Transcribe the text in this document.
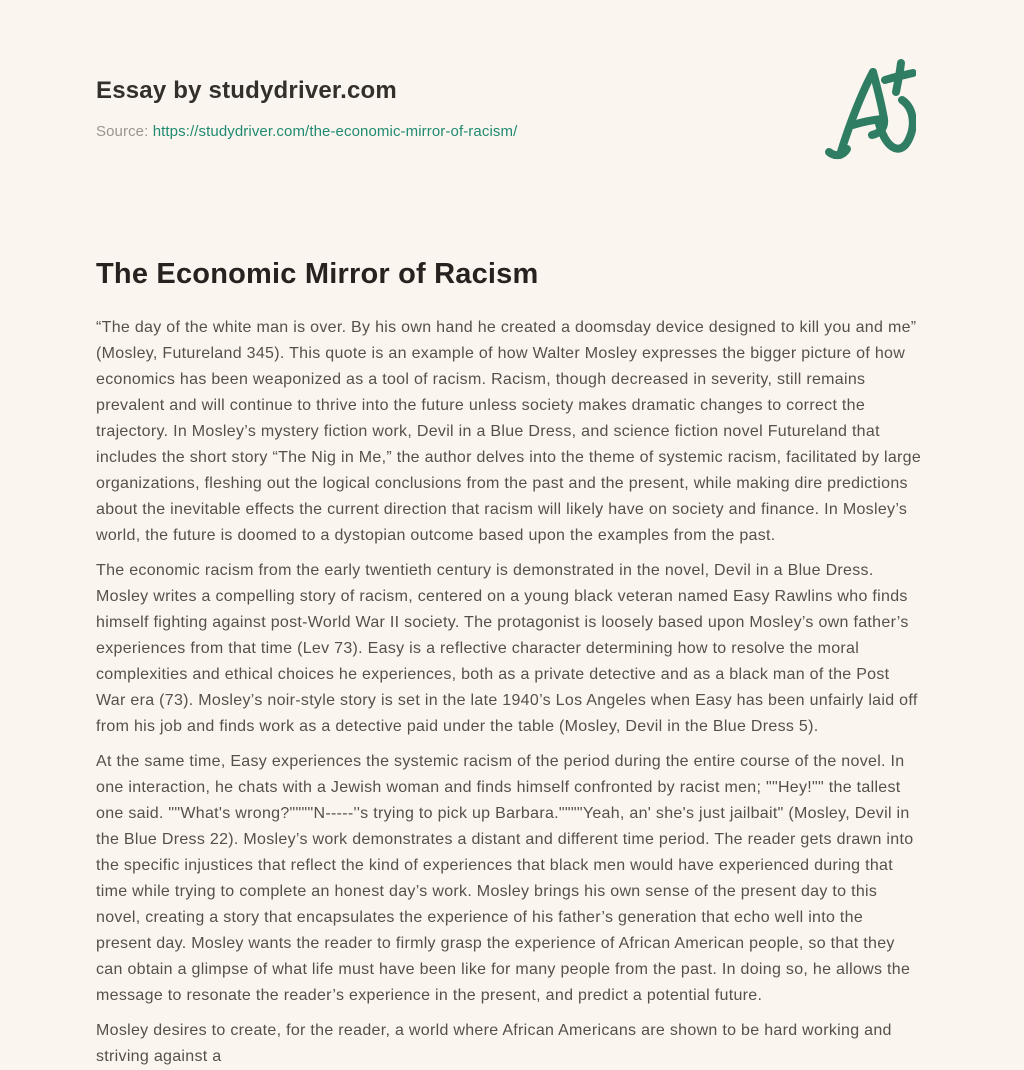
Essay by studydriver.com
Source: https://studydriver.com/the-economic-mirror-of-racism/
The Economic Mirror of Racism

“The day of the white man is over. By his own hand he created a doomsday device designed to kill you and me” (Mosley, Futureland 345). This quote is an example of how Walter Mosley expresses the bigger picture of how economics has been weaponized as a tool of racism. Racism, though decreased in severity, still remains prevalent and will continue to thrive into the future unless society makes dramatic changes to correct the trajectory. In Mosley’s mystery fiction work, Devil in a Blue Dress, and science fiction novel Futureland that includes the short story “The Nig in Me,” the author delves into the theme of systemic racism, facilitated by large organizations, fleshing out the logical conclusions from the past and the present, while making dire predictions about the inevitable effects the current direction that racism will likely have on society and finance. In Mosley’s world, the future is doomed to a dystopian outcome based upon the examples from the past.

The economic racism from the early twentieth century is demonstrated in the novel, Devil in a Blue Dress. Mosley writes a compelling story of racism, centered on a young black veteran named Easy Rawlins who finds himself fighting against post-World War II society. The protagonist is loosely based upon Mosley’s own father’s experiences from that time (Lev 73). Easy is a reflective character determining how to resolve the moral complexities and ethical choices he experiences, both as a private detective and as a black man of the Post War era (73). Mosley’s noir-style story is set in the late 1940’s Los Angeles when Easy has been unfairly laid off from his job and finds work as a detective paid under the table (Mosley, Devil in the Blue Dress 5).

At the same time, Easy experiences the systemic racism of the period during the entire course of the novel. In one interaction, he chats with a Jewish woman and finds himself confronted by racist men; ""Hey!"" the tallest one said. ""What's wrong?""""N-----''s trying to pick up Barbara.""""Yeah, an' she's just jailbait" (Mosley, Devil in the Blue Dress 22). Mosley’s work demonstrates a distant and different time period. The reader gets drawn into the specific injustices that reflect the kind of experiences that black men would have experienced during that time while trying to complete an honest day’s work. Mosley brings his own sense of the present day to this novel, creating a story that encapsulates the experience of his father’s generation that echo well into the present day. Mosley wants the reader to firmly grasp the experience of African American people, so that they can obtain a glimpse of what life must have been like for many people from the past. In doing so, he allows the message to resonate the reader’s experience in the present, and predict a potential future.

Mosley desires to create, for the reader, a world where African Americans are shown to be hard working and striving against a
